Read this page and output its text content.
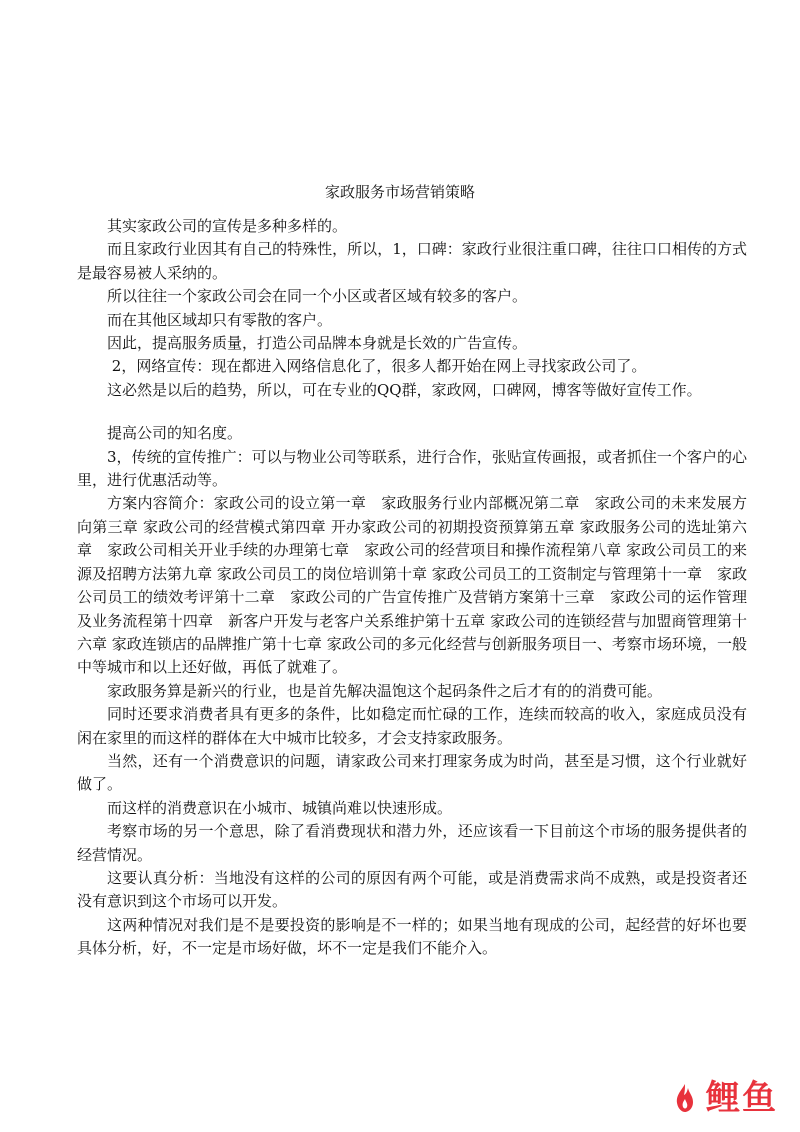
家政服务市场营销策略

其实家政公司的宣传是多种多样的。

而且家政行业因其有自己的特殊性，所以，1，口碑：家政行业很注重口碑，往往口口相传的方式是最容易被人采纳的。

所以往往一个家政公司会在同一个小区或者区域有较多的客户。

而在其他区域却只有零散的客户。

因此，提高服务质量，打造公司品牌本身就是长效的广告宣传。

2，网络宣传：现在都进入网络信息化了，很多人都开始在网上寻找家政公司了。

这必然是以后的趋势，所以，可在专业的QQ群，家政网，口碑网，博客等做好宣传工作。

提高公司的知名度。

3，传统的宣传推广：可以与物业公司等联系，进行合作，张贴宣传画报，或者抓住一个客户的心里，进行优惠活动等。

方案内容简介：家政公司的设立第一章　家政服务行业内部概况第二章　家政公司的未来发展方向第三章 家政公司的经营模式第四章 开办家政公司的初期投资预算第五章 家政服务公司的选址第六章　家政公司相关开业手续的办理第七章　家政公司的经营项目和操作流程第八章 家政公司员工的来源及招聘方法第九章 家政公司员工的岗位培训第十章 家政公司员工的工资制定与管理第十一章　家政公司员工的绩效考评第十二章　家政公司的广告宣传推广及营销方案第十三章　家政公司的运作管理及业务流程第十四章　新客户开发与老客户关系维护第十五章 家政公司的连锁经营与加盟商管理第十六章 家政连锁店的品牌推广第十七章 家政公司的多元化经营与创新服务项目一、考察市场环境，一般中等城市和以上还好做，再低了就难了。

家政服务算是新兴的行业，也是首先解决温饱这个起码条件之后才有的的消费可能。

同时还要求消费者具有更多的条件，比如稳定而忙碌的工作，连续而较高的收入，家庭成员没有闲在家里的而这样的群体在大中城市比较多，才会支持家政服务。

当然，还有一个消费意识的问题，请家政公司来打理家务成为时尚，甚至是习惯，这个行业就好做了。

而这样的消费意识在小城市、城镇尚难以快速形成。

考察市场的另一个意思，除了看消费现状和潜力外，还应该看一下目前这个市场的服务提供者的经营情况。

这要认真分析：当地没有这样的公司的原因有两个可能，或是消费需求尚不成熟，或是投资者还没有意识到这个市场可以开发。

这两种情况对我们是不是要投资的影响是不一样的；如果当地有现成的公司，起经营的好坏也要具体分析，好，不一定是市场好做，坏不一定是我们不能介入。

鲤鱼
